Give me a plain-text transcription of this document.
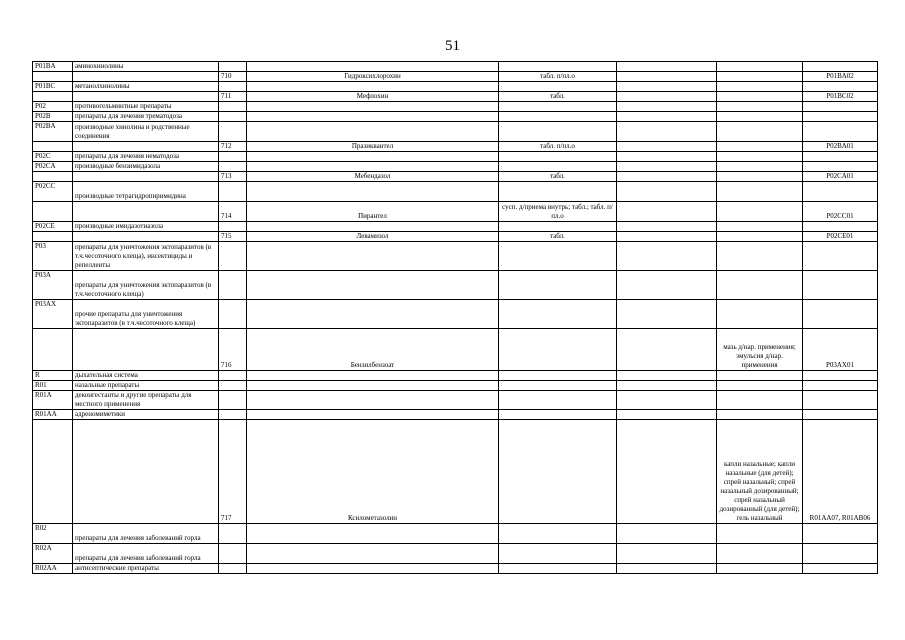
51
P01BA	аминохинолины						
		710	Гидроксихлорохин	табл. п/пл.о			P01BA02
P01BC	метанолхинолины						
		711	Мефлохин	табл.			P01BC02
P02	противогельминтные препараты						
P02B	препараты для лечения трематодоза						
P02BA	производные хинолина и родственные соединения						
		712	Празиквантел	табл. п/пл.о			P02BA01
P02C	препараты для лечения нематодоза						
P02CA	производные бензимидазола						
		713	Мебендазол	табл.			P02CA01
P02CC	производные тетрагидропиримидина						
		714	Пирантел	сусп. д/приема внутрь; табл.; табл. п/пл.о			P02CC01
P02CE	производные имидазотиазола						
		715	Левамизол	табл.			P02CE01
P03	препараты для уничтожения эктопаразитов (в т.ч.чесоточного клеща), инсектициды и репелленты						
P03A	препараты для уничтожения эктопаразитов (в т.ч.чесоточного клеща)						
P03AX	прочие препараты для уничтожения эктопаразитов (в т.ч.чесоточного клеща)						
		716	Бензилбензоат			мазь д/нар. применения; эмульсия д/нар. применения	P03AX01
R	дыхательная система						
R01	назальные препараты						
R01A	деконгестанты и другие препараты для местного применения						
R01AA	адреномиметики						
		717	Ксилометазолин			капли назальные; капли назальные (для детей); спрей назальный; спрей назальный дозированный; спрей назальный дозированный (для детей); гель назальный	R01AA07, R01AB06
R02	препараты для лечения заболеваний горла						
R02A	препараты для лечения заболеваний горла						
R02AA	антисептические препараты						
